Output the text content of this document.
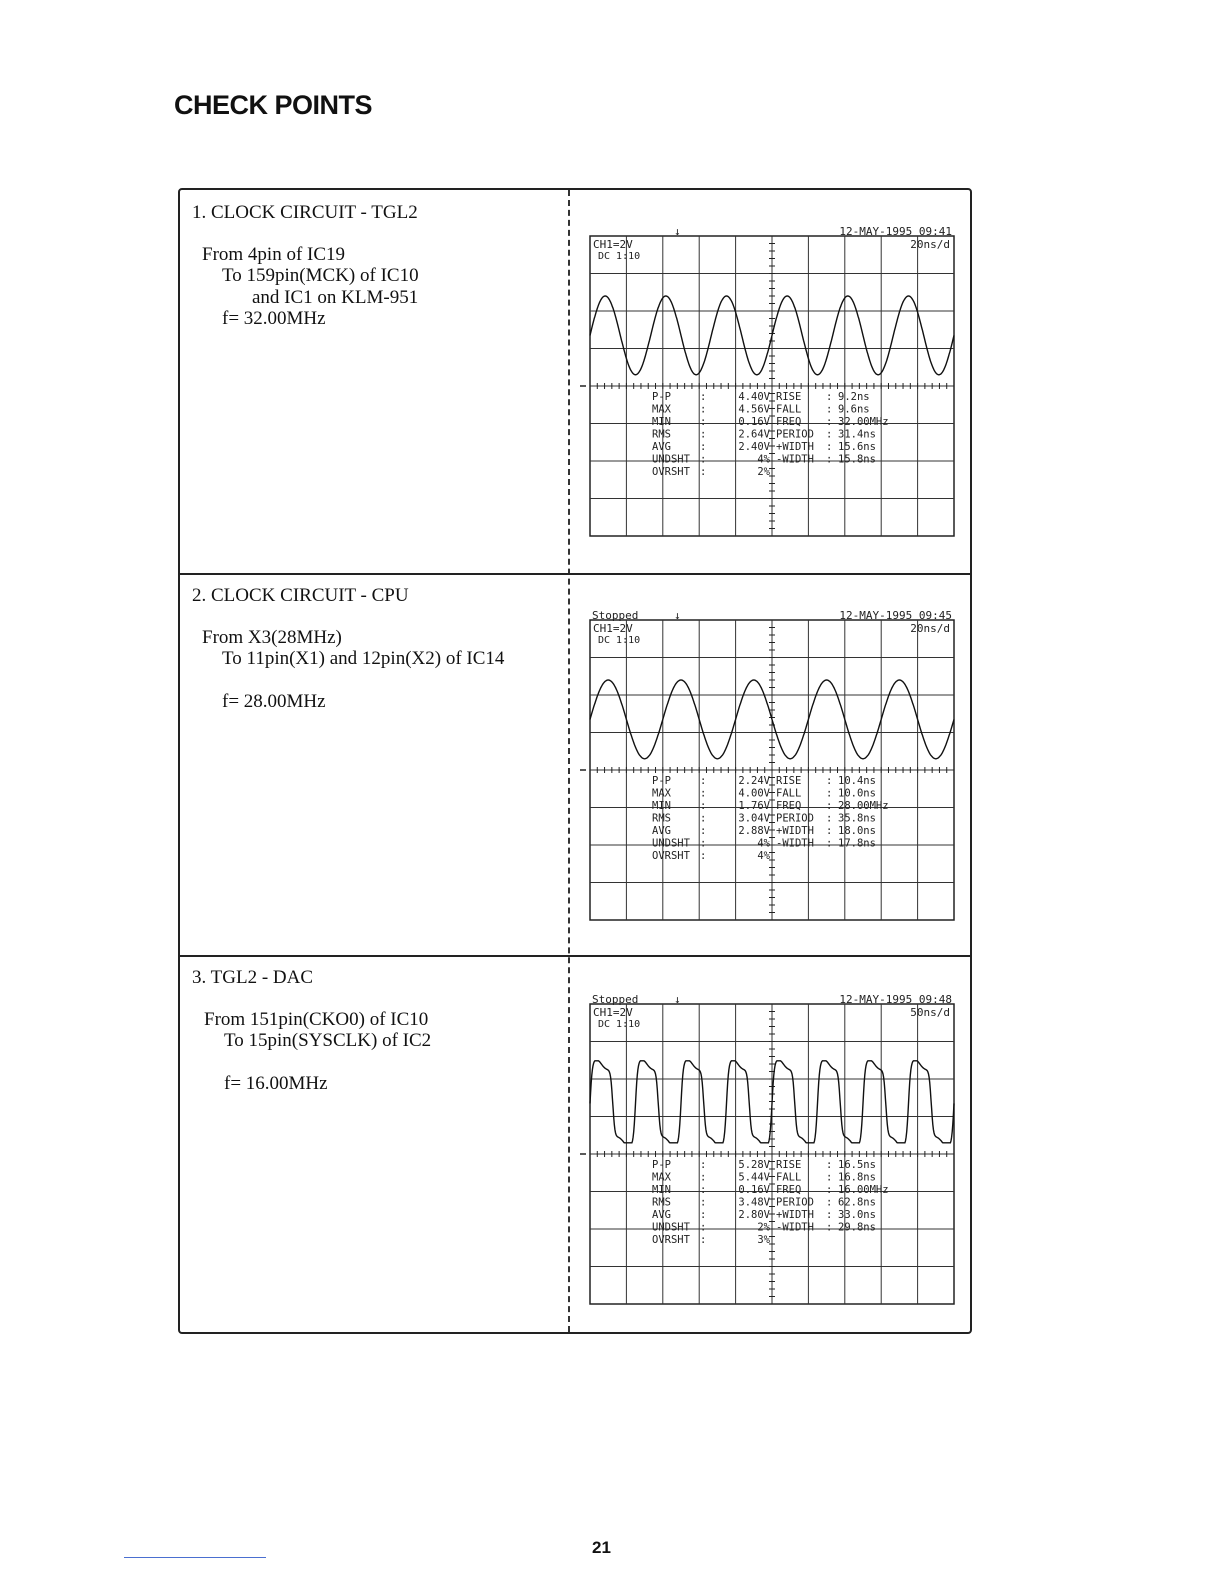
CHECK POINTS
1. CLOCK CIRCUIT - TGL2
From 4pin of IC19
To 159pin(MCK) of IC10
and IC1 on KLM-951
f= 32.00MHz
↓	12-MAY-1995 09:41
CH1=2V
DC 1:10
20ns/d
P-P	:	4.40V RISE : 9.2ns
MAX	:	4.56V FALL : 9.6ns
MIN	:	0.16V FREQ : 32.00MHz
RMS	:	2.64V PERIOD : 31.4ns
AVG	:	2.40V +WIDTH : 15.6ns
UNDSHT :	4% -WIDTH : 15.8ns
OVRSHT :	2%
2. CLOCK CIRCUIT - CPU
From X3(28MHz)
To 11pin(X1) and 12pin(X2) of IC14
f= 28.00MHz
Stopped	↓	12-MAY-1995 09:45
CH1=2V
DC 1:10
20ns/d
P-P	:	2.24V RISE : 10.4ns
MAX	:	4.00V FALL : 10.0ns
MIN	:	1.76V FREQ : 28.00MHz
RMS	:	3.04V PERIOD : 35.8ns
AVG	:	2.88V +WIDTH : 18.0ns
UNDSHT :	4% -WIDTH : 17.8ns
OVRSHT :	4%
3. TGL2 - DAC
From 151pin(CKO0) of IC10
To 15pin(SYSCLK) of IC2
f= 16.00MHz
Stopped	↓	12-MAY-1995 09:48
CH1=2V
DC 1:10
50ns/d
P-P	:	5.28V RISE : 16.5ns
MAX	:	5.44V FALL : 16.8ns
MIN	:	0.16V FREQ : 16.00MHz
RMS	:	3.48V PERIOD : 62.8ns
AVG	:	2.80V +WIDTH : 33.0ns
UNDSHT :	2% -WIDTH : 29.8ns
OVRSHT :	3%
21
